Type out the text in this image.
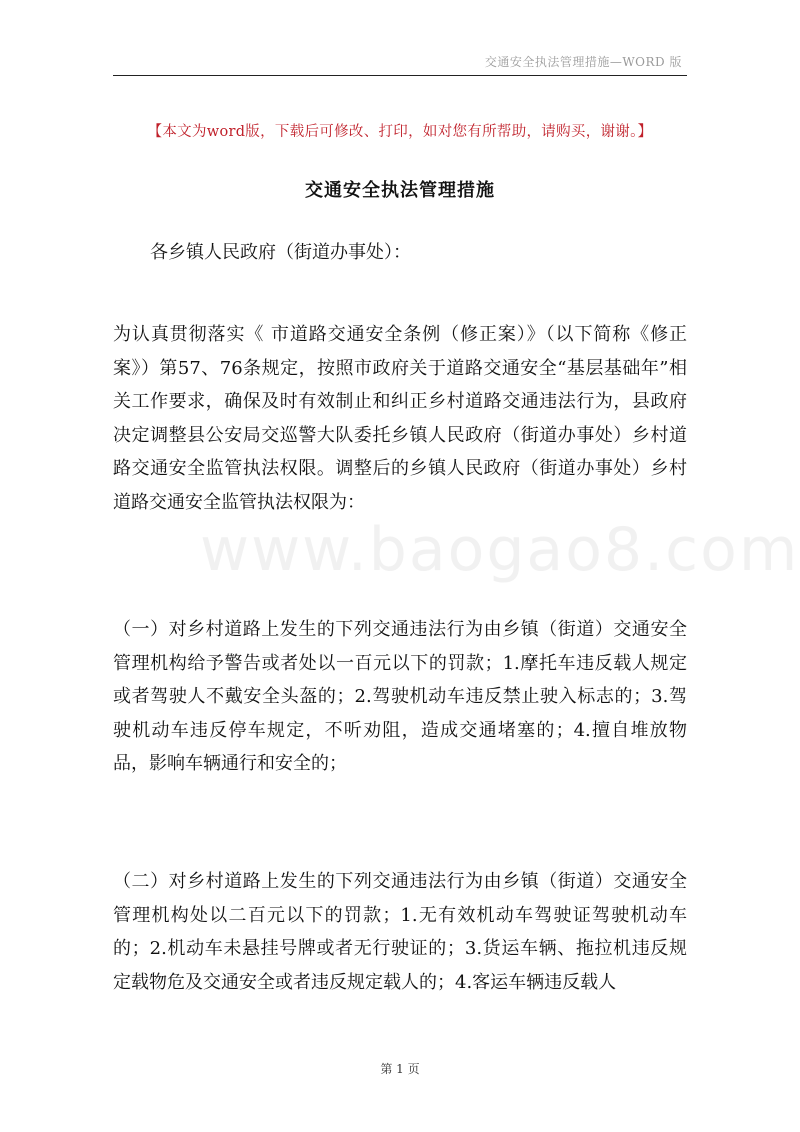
交通安全执法管理措施—WORD 版
【本文为word版，下载后可修改、打印，如对您有所帮助，请购买，谢谢。】
交通安全执法管理措施
各乡镇人民政府（街道办事处）：

为认真贯彻落实《 市道路交通安全条例（修正案）》（以下简称《修正案》）第57、76条规定，按照市政府关于道路交通安全“基层基础年”相关工作要求，确保及时有效制止和纠正乡村道路交通违法行为，县政府决定调整县公安局交巡警大队委托乡镇人民政府（街道办事处）乡村道路交通安全监管执法权限。调整后的乡镇人民政府（街道办事处）乡村道路交通安全监管执法权限为：

（一）对乡村道路上发生的下列交通违法行为由乡镇（街道）交通安全管理机构给予警告或者处以一百元以下的罚款；1.摩托车违反载人规定或者驾驶人不戴安全头盔的；2.驾驶机动车违反禁止驶入标志的；3.驾驶机动车违反停车规定，不听劝阻，造成交通堵塞的；4.擅自堆放物品，影响车辆通行和安全的；

（二）对乡村道路上发生的下列交通违法行为由乡镇（街道）交通安全管理机构处以二百元以下的罚款；1.无有效机动车驾驶证驾驶机动车的；2.机动车未悬挂号牌或者无行驶证的；3.货运车辆、拖拉机违反规定载物危及交通安全或者违反规定载人的；4.客运车辆违反载人

www.baogao8.com
第 1 页
